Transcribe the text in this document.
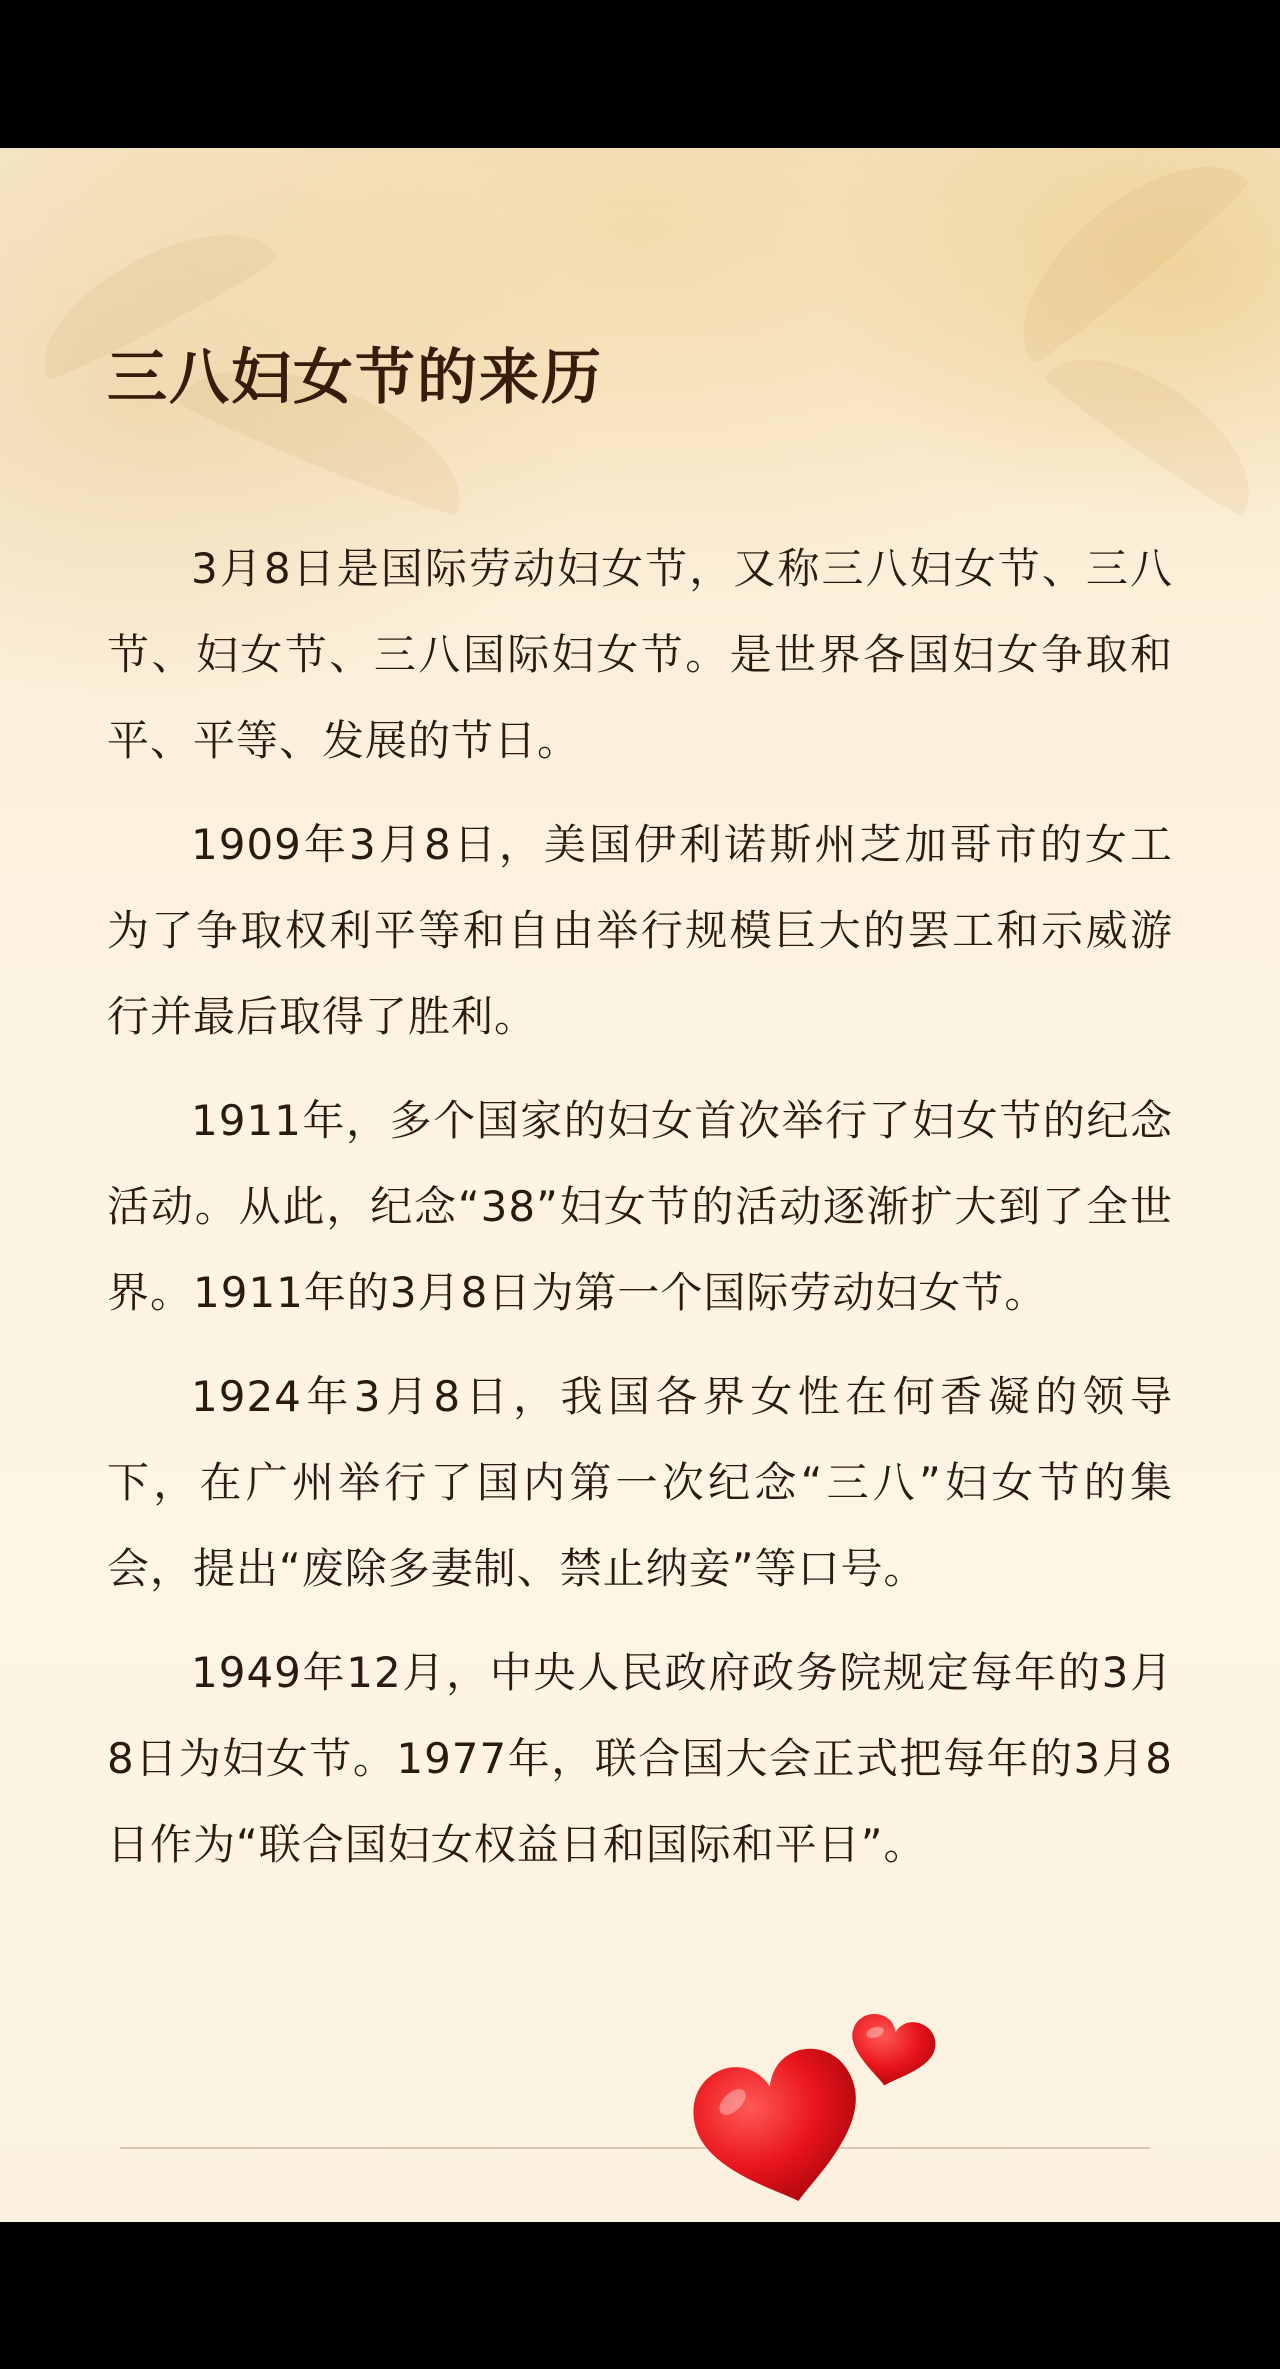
三八妇女节的来历

3月8日是国际劳动妇女节，又称三八妇女节、三八节、妇女节、三八国际妇女节。是世界各国妇女争取和平、平等、发展的节日。

1909年3月8日，美国伊利诺斯州芝加哥市的女工为了争取权利平等和自由举行规模巨大的罢工和示威游行并最后取得了胜利。

1911年，多个国家的妇女首次举行了妇女节的纪念活动。从此，纪念“38”妇女节的活动逐渐扩大到了全世界。1911年的3月8日为第一个国际劳动妇女节。

1924年3月8日，我国各界女性在何香凝的领导下，在广州举行了国内第一次纪念“三八”妇女节的集会，提出“废除多妻制、禁止纳妾”等口号。

1949年12月，中央人民政府政务院规定每年的3月8日为妇女节。1977年，联合国大会正式把每年的3月8日作为“联合国妇女权益日和国际和平日”。
